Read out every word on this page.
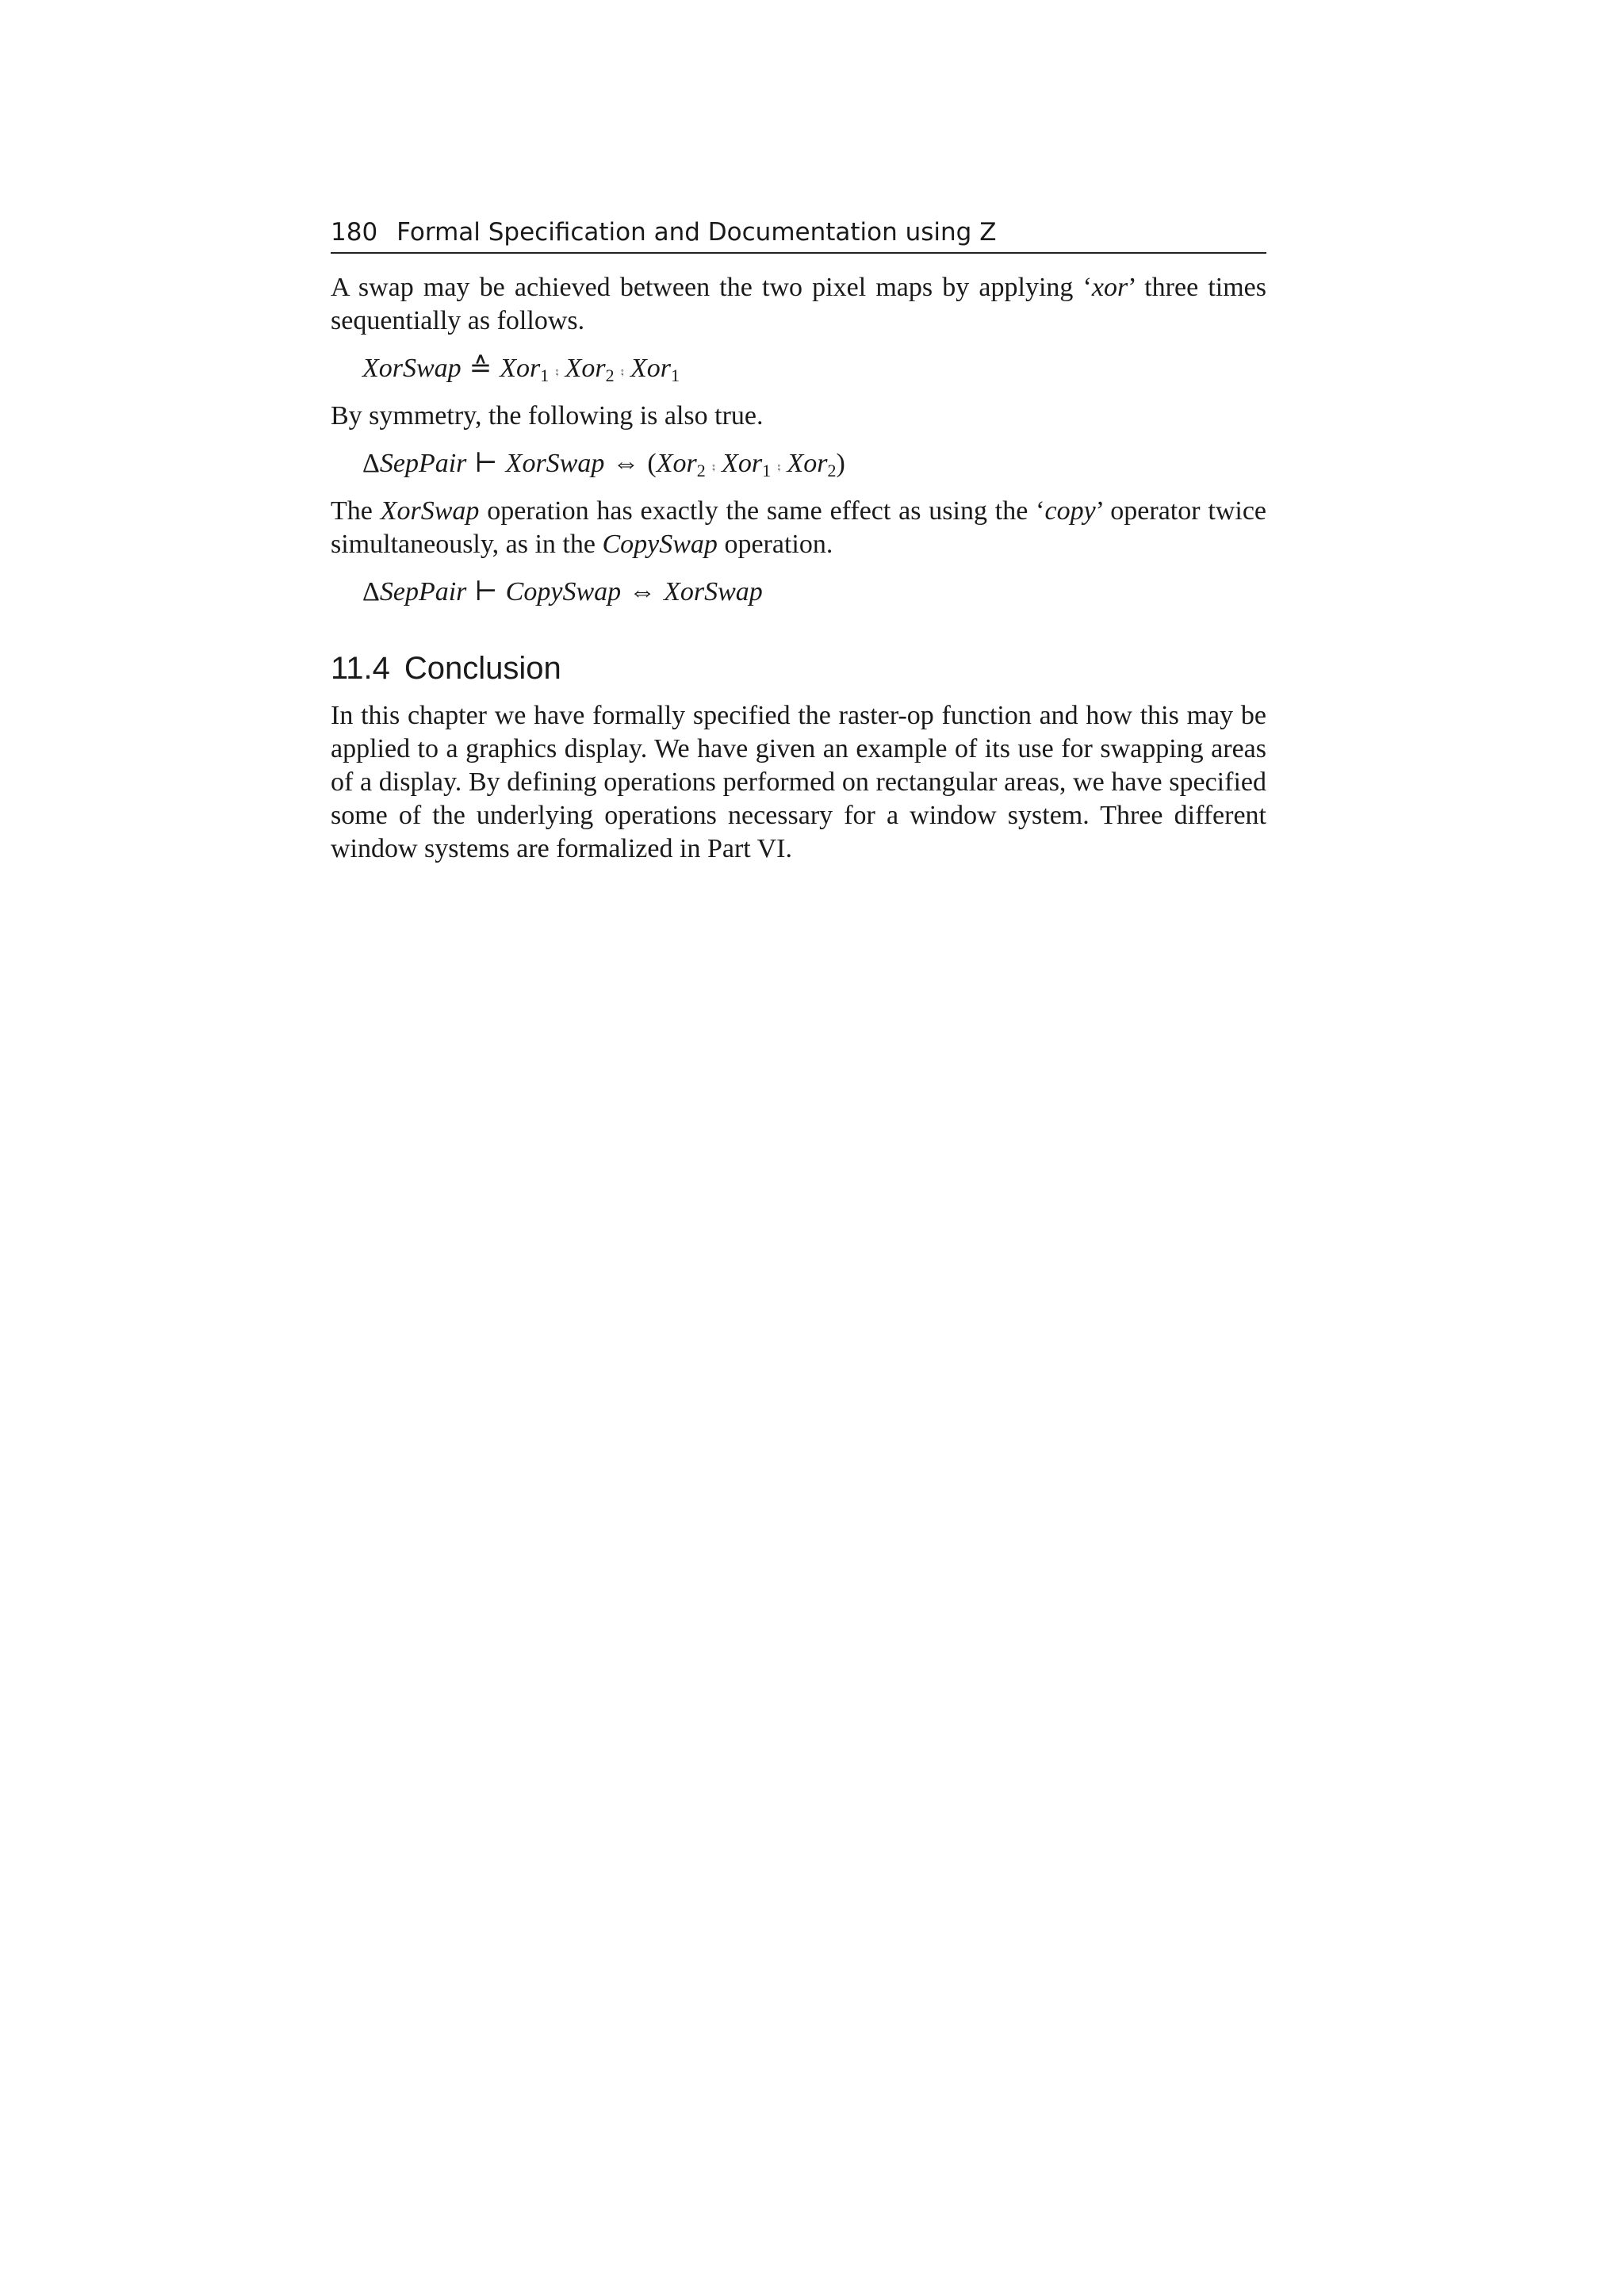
180 Formal Specification and Documentation using Z

A swap may be achieved between the two pixel maps by applying ‘xor’ three times sequentially as follows.

XorSwap ≙ Xor$_1$ ⨾ Xor$_2$ ⨾ Xor$_1$

By symmetry, the following is also true.

ΔSepPair ⊢ XorSwap ⇔ (Xor$_2$ ⨾ Xor$_1$ ⨾ Xor$_2$)

The XorSwap operation has exactly the same effect as using the ‘copy’ operator twice simultaneously, as in the CopySwap operation.

ΔSepPair ⊢ CopySwap ⇔ XorSwap
11.4 Conclusion

In this chapter we have formally specified the raster-op function and how this may be applied to a graphics display. We have given an example of its use for swapping areas of a display. By defining operations performed on rectangular areas, we have specified some of the underlying operations necessary for a window system. Three different window systems are formalized in Part VI.
